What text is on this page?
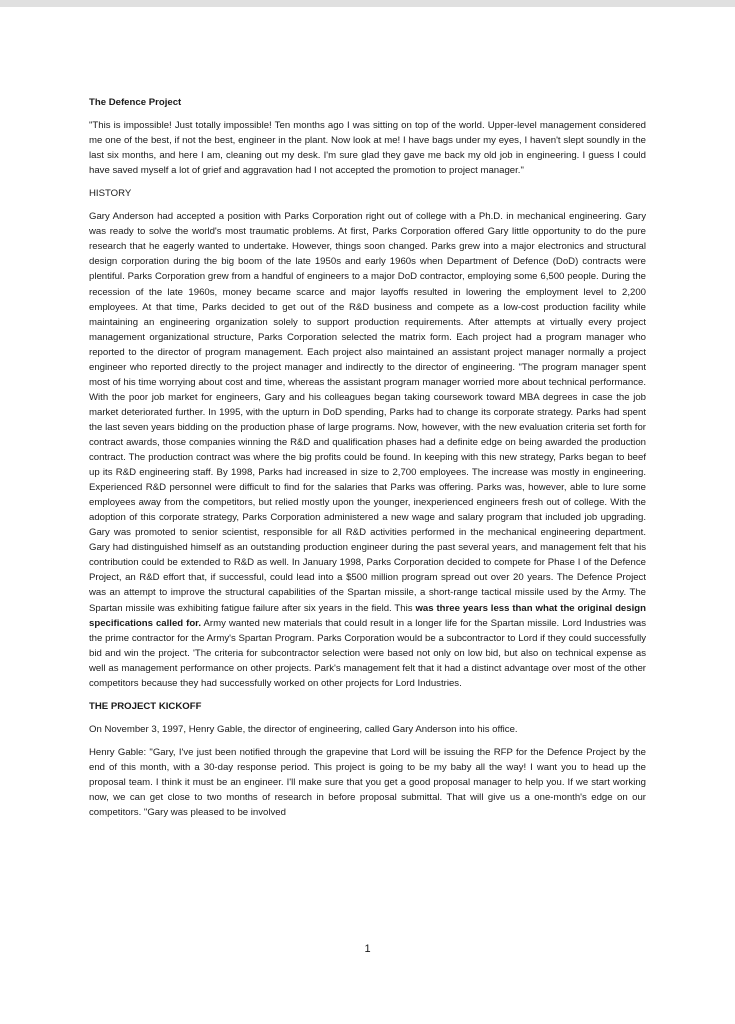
The Defence Project

"This is impossible! Just totally impossible! Ten months ago I was sitting on top of the world. Upper-level management considered me one of the best, if not the best, engineer in the plant. Now look at me! I have bags under my eyes, I haven't slept soundly in the last six months, and here I am, cleaning out my desk. I'm sure glad they gave me back my old job in engineering. I guess I could have saved myself a lot of grief and aggravation had I not accepted the promotion to project manager."

HISTORY

Gary Anderson had accepted a position with Parks Corporation right out of college with a Ph.D. in mechanical engineering. Gary was ready to solve the world's most traumatic problems. At first, Parks Corporation offered Gary little opportunity to do the pure research that he eagerly wanted to undertake. However, things soon changed. Parks grew into a major electronics and structural design corporation during the big boom of the late 1950s and early 1960s when Department of Defence (DoD) contracts were plentiful. Parks Corporation grew from a handful of engineers to a major DoD contractor, employing some 6,500 people. During the recession of the late 1960s, money became scarce and major layoffs resulted in lowering the employment level to 2,200 employees. At that time, Parks decided to get out of the R&D business and compete as a low-cost production facility while maintaining an engineering organization solely to support production requirements. After attempts at virtually every project management organizational structure, Parks Corporation selected the matrix form. Each project had a program manager who reported to the director of program management. Each project also maintained an assistant project manager normally a project engineer who reported directly to the project manager and indirectly to the director of engineering. "The program manager spent most of his time worrying about cost and time, whereas the assistant program manager worried more about technical performance. With the poor job market for engineers, Gary and his colleagues began taking coursework toward MBA degrees in case the job market deteriorated further. In 1995, with the upturn in DoD spending, Parks had to change its corporate strategy. Parks had spent the last seven years bidding on the production phase of large programs. Now, however, with the new evaluation criteria set forth for contract awards, those companies winning the R&D and qualification phases had a definite edge on being awarded the production contract. The production contract was where the big profits could be found. In keeping with this new strategy, Parks began to beef up its R&D engineering staff. By 1998, Parks had increased in size to 2,700 employees. The increase was mostly in engineering. Experienced R&D personnel were difficult to find for the salaries that Parks was offering. Parks was, however, able to lure some employees away from the competitors, but relied mostly upon the younger, inexperienced engineers fresh out of college. With the adoption of this corporate strategy, Parks Corporation administered a new wage and salary program that included job upgrading. Gary was promoted to senior scientist, responsible for all R&D activities performed in the mechanical engineering department. Gary had distinguished himself as an outstanding production engineer during the past several years, and management felt that his contribution could be extended to R&D as well. In January 1998, Parks Corporation decided to compete for Phase I of the Defence Project, an R&D effort that, if successful, could lead into a $500 million program spread out over 20 years. The Defence Project was an attempt to improve the structural capabilities of the Spartan missile, a short-range tactical missile used by the Army. The Spartan missile was exhibiting fatigue failure after six years in the field. This was three years less than what the original design specifications called for. Army wanted new materials that could result in a longer life for the Spartan missile. Lord Industries was the prime contractor for the Army's Spartan Program. Parks Corporation would be a subcontractor to Lord if they could successfully bid and win the project. 'The criteria for subcontractor selection were based not only on low bid, but also on technical expense as well as management performance on other projects. Park's management felt that it had a distinct advantage over most of the other competitors because they had successfully worked on other projects for Lord Industries.

THE PROJECT KICKOFF

On November 3, 1997, Henry Gable, the director of engineering, called Gary Anderson into his office.

Henry Gable: "Gary, I've just been notified through the grapevine that Lord will be issuing the RFP for the Defence Project by the end of this month, with a 30-day response period. This project is going to be my baby all the way! I want you to head up the proposal team. I think it must be an engineer. I'll make sure that you get a good proposal manager to help you. If we start working now, we can get close to two months of research in before proposal submittal. That will give us a one-month's edge on our competitors. "Gary was pleased to be involved

1
